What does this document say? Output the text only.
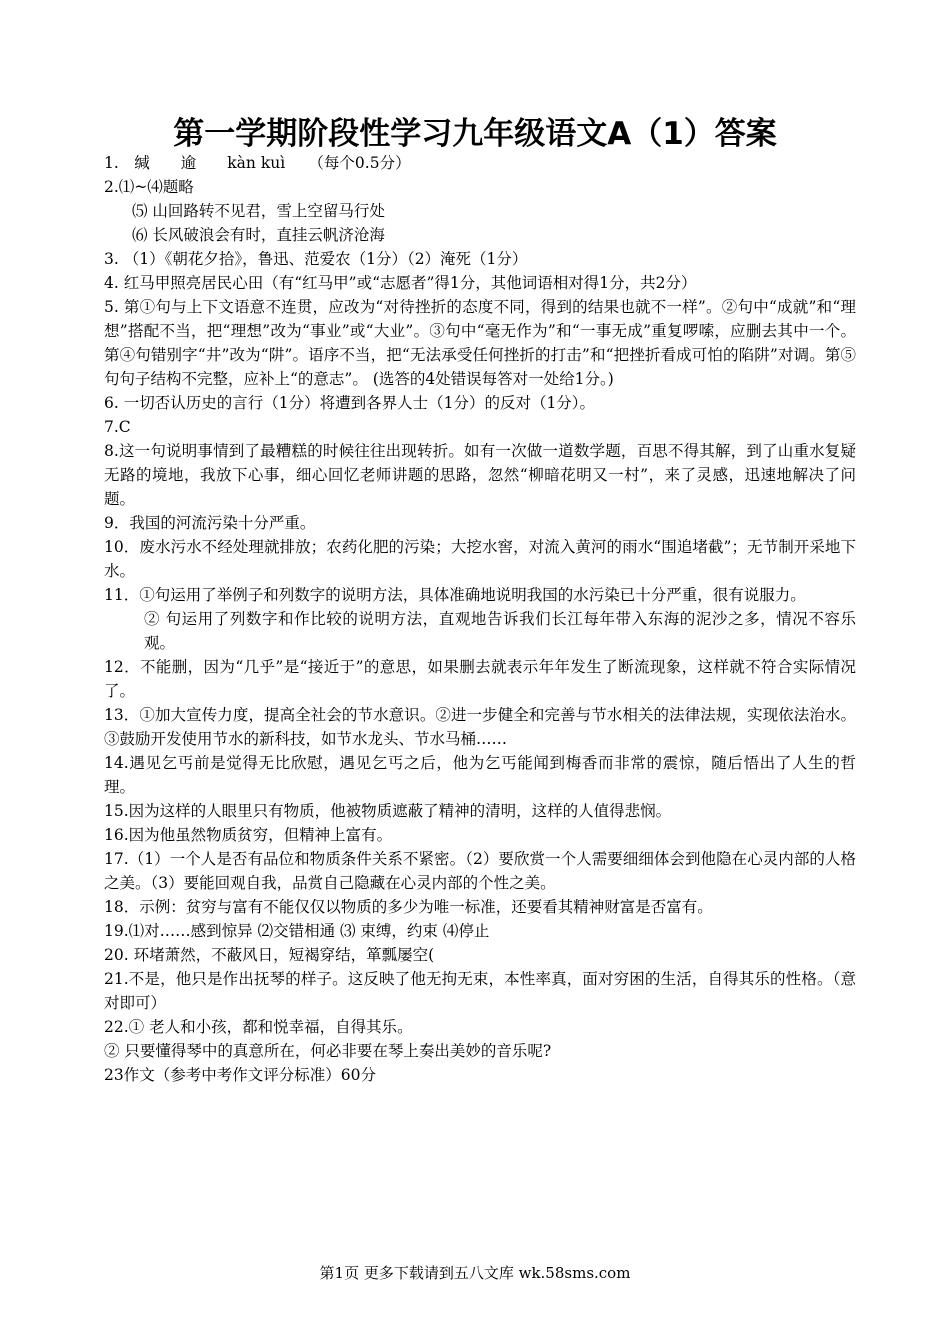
第一学期阶段性学习九年级语文A（1）答案
1.　缄　　逾　　kàn kuì　　（每个0.5分）
2.⑴~⑷题略
⑸ 山回路转不见君，雪上空留马行处
⑹ 长风破浪会有时，直挂云帆济沧海
3. （1）《朝花夕拾》，鲁迅、范爱农（1分）（2）淹死（1分）
4. 红马甲照亮居民心田（有“红马甲”或“志愿者”得1分，其他词语相对得1分，共2分）
5. 第①句与上下文语意不连贯，应改为“对待挫折的态度不同，得到的结果也就不一样”。②句中“成就”和“理想”搭配不当，把“理想”改为“事业”或“大业”。③句中“毫无作为”和“一事无成”重复啰嗦，应删去其中一个。 第④句错别字“井”改为“阱”。语序不当，把“无法承受任何挫折的打击”和“把挫折看成可怕的陷阱”对调。第⑤句句子结构不完整，应补上“的意志”。 (选答的4处错误每答对一处给1分。)
6. 一切否认历史的言行（1分）将遭到各界人士（1分）的反对（1分）。
7.C
8.这一句说明事情到了最糟糕的时候往往出现转折。如有一次做一道数学题，百思不得其解，到了山重水复疑无路的境地，我放下心事，细心回忆老师讲题的思路，忽然“柳暗花明又一村”，来了灵感，迅速地解决了问题。
9．我国的河流污染十分严重。
10．废水污水不经处理就排放；农药化肥的污染；大挖水窖，对流入黄河的雨水“围追堵截”；无节制开采地下水。
11．①句运用了举例子和列数字的说明方法，具体准确地说明我国的水污染已十分严重，很有说服力。
② 句运用了列数字和作比较的说明方法，直观地告诉我们长江每年带入东海的泥沙之多，情况不容乐观。
12．不能删，因为“几乎”是“接近于”的意思，如果删去就表示年年发生了断流现象，这样就不符合实际情况了。
13．①加大宣传力度，提高全社会的节水意识。②进一步健全和完善与节水相关的法律法规，实现依法治水。③鼓励开发使用节水的新科技，如节水龙头、节水马桶……
14.遇见乞丐前是觉得无比欣慰，遇见乞丐之后，他为乞丐能闻到梅香而非常的震惊，随后悟出了人生的哲理。
15.因为这样的人眼里只有物质，他被物质遮蔽了精神的清明，这样的人值得悲悯。
16.因为他虽然物质贫穷，但精神上富有。
17.（1）一个人是否有品位和物质条件关系不紧密。（2）要欣赏一个人需要细细体会到他隐在心灵内部的人格之美。（3）要能回观自我，品赏自己隐藏在心灵内部的个性之美。
18．示例：贫穷与富有不能仅仅以物质的多少为唯一标准，还要看其精神财富是否富有。
19.⑴对……感到惊异 ⑵交错相通 ⑶ 束缚，约束 ⑷停止
20. 环堵萧然，不蔽风日，短褐穿结，箪瓢屡空(
21.不是，他只是作出抚琴的样子。这反映了他无拘无束，本性率真，面对穷困的生活，自得其乐的性格。（意对即可）
22.① 老人和小孩，都和悦幸福，自得其乐。
② 只要懂得琴中的真意所在，何必非要在琴上奏出美妙的音乐呢?
23作文（参考中考作文评分标准）60分
第1页 更多下载请到五八文库 wk.58sms.com
